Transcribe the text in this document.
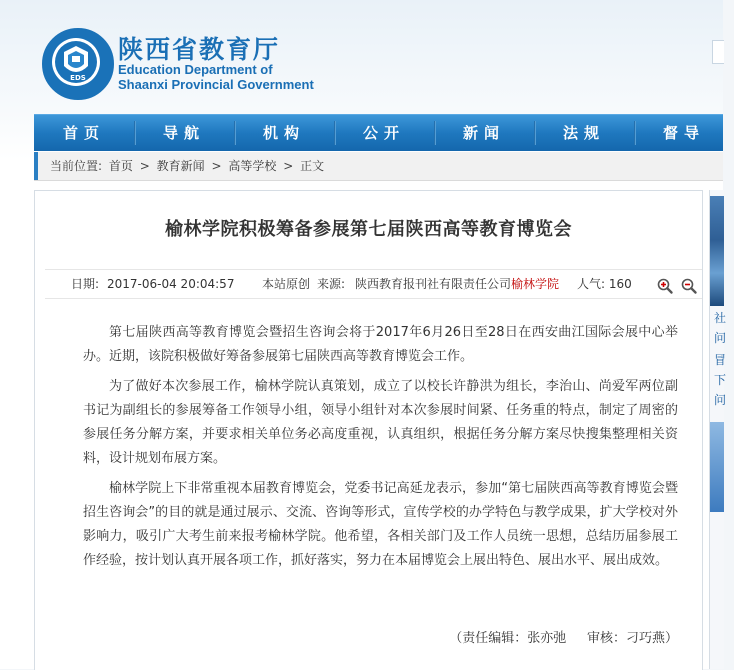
EDS
陕西省教育厅
Education Department of
Shaanxi Provincial Government
首页	导航	机构	公开	新闻	法规	督导
当前位置: 首页 > 教育新闻 > 高等学校 > 正文
榆林学院积极筹备参展第七届陕西高等教育博览会
日期: 2017-06-04 20:04:57 本站原创 来源: 陕西教育报刊社有限责任公司 榆林学院 人气: 160

第七届陕西高等教育博览会暨招生咨询会将于2017年6月26日至28日在西安曲江国际会展中心举办。近期，该院积极做好筹备参展第七届陕西高等教育博览会工作。

为了做好本次参展工作，榆林学院认真策划，成立了以校长许静洪为组长，李治山、尚爱军两位副书记为副组长的参展筹备工作领导小组，领导小组针对本次参展时间紧、任务重的特点，制定了周密的参展任务分解方案，并要求相关单位务必高度重视，认真组织，根据任务分解方案尽快搜集整理相关资料，设计规划布展方案。

榆林学院上下非常重视本届教育博览会，党委书记高延龙表示，参加“第七届陕西高等教育博览会暨招生咨询会”的目的就是通过展示、交流、咨询等形式，宣传学校的办学特色与教学成果，扩大学校对外影响力，吸引广大考生前来报考榆林学院。他希望，各相关部门及工作人员统一思想，总结历届参展工作经验，按计划认真开展各项工作，抓好落实，努力在本届博览会上展出特色、展出水平、展出成效。

（责任编辑：张亦弛 审核：刁巧燕）
社
问
冒
下
问
